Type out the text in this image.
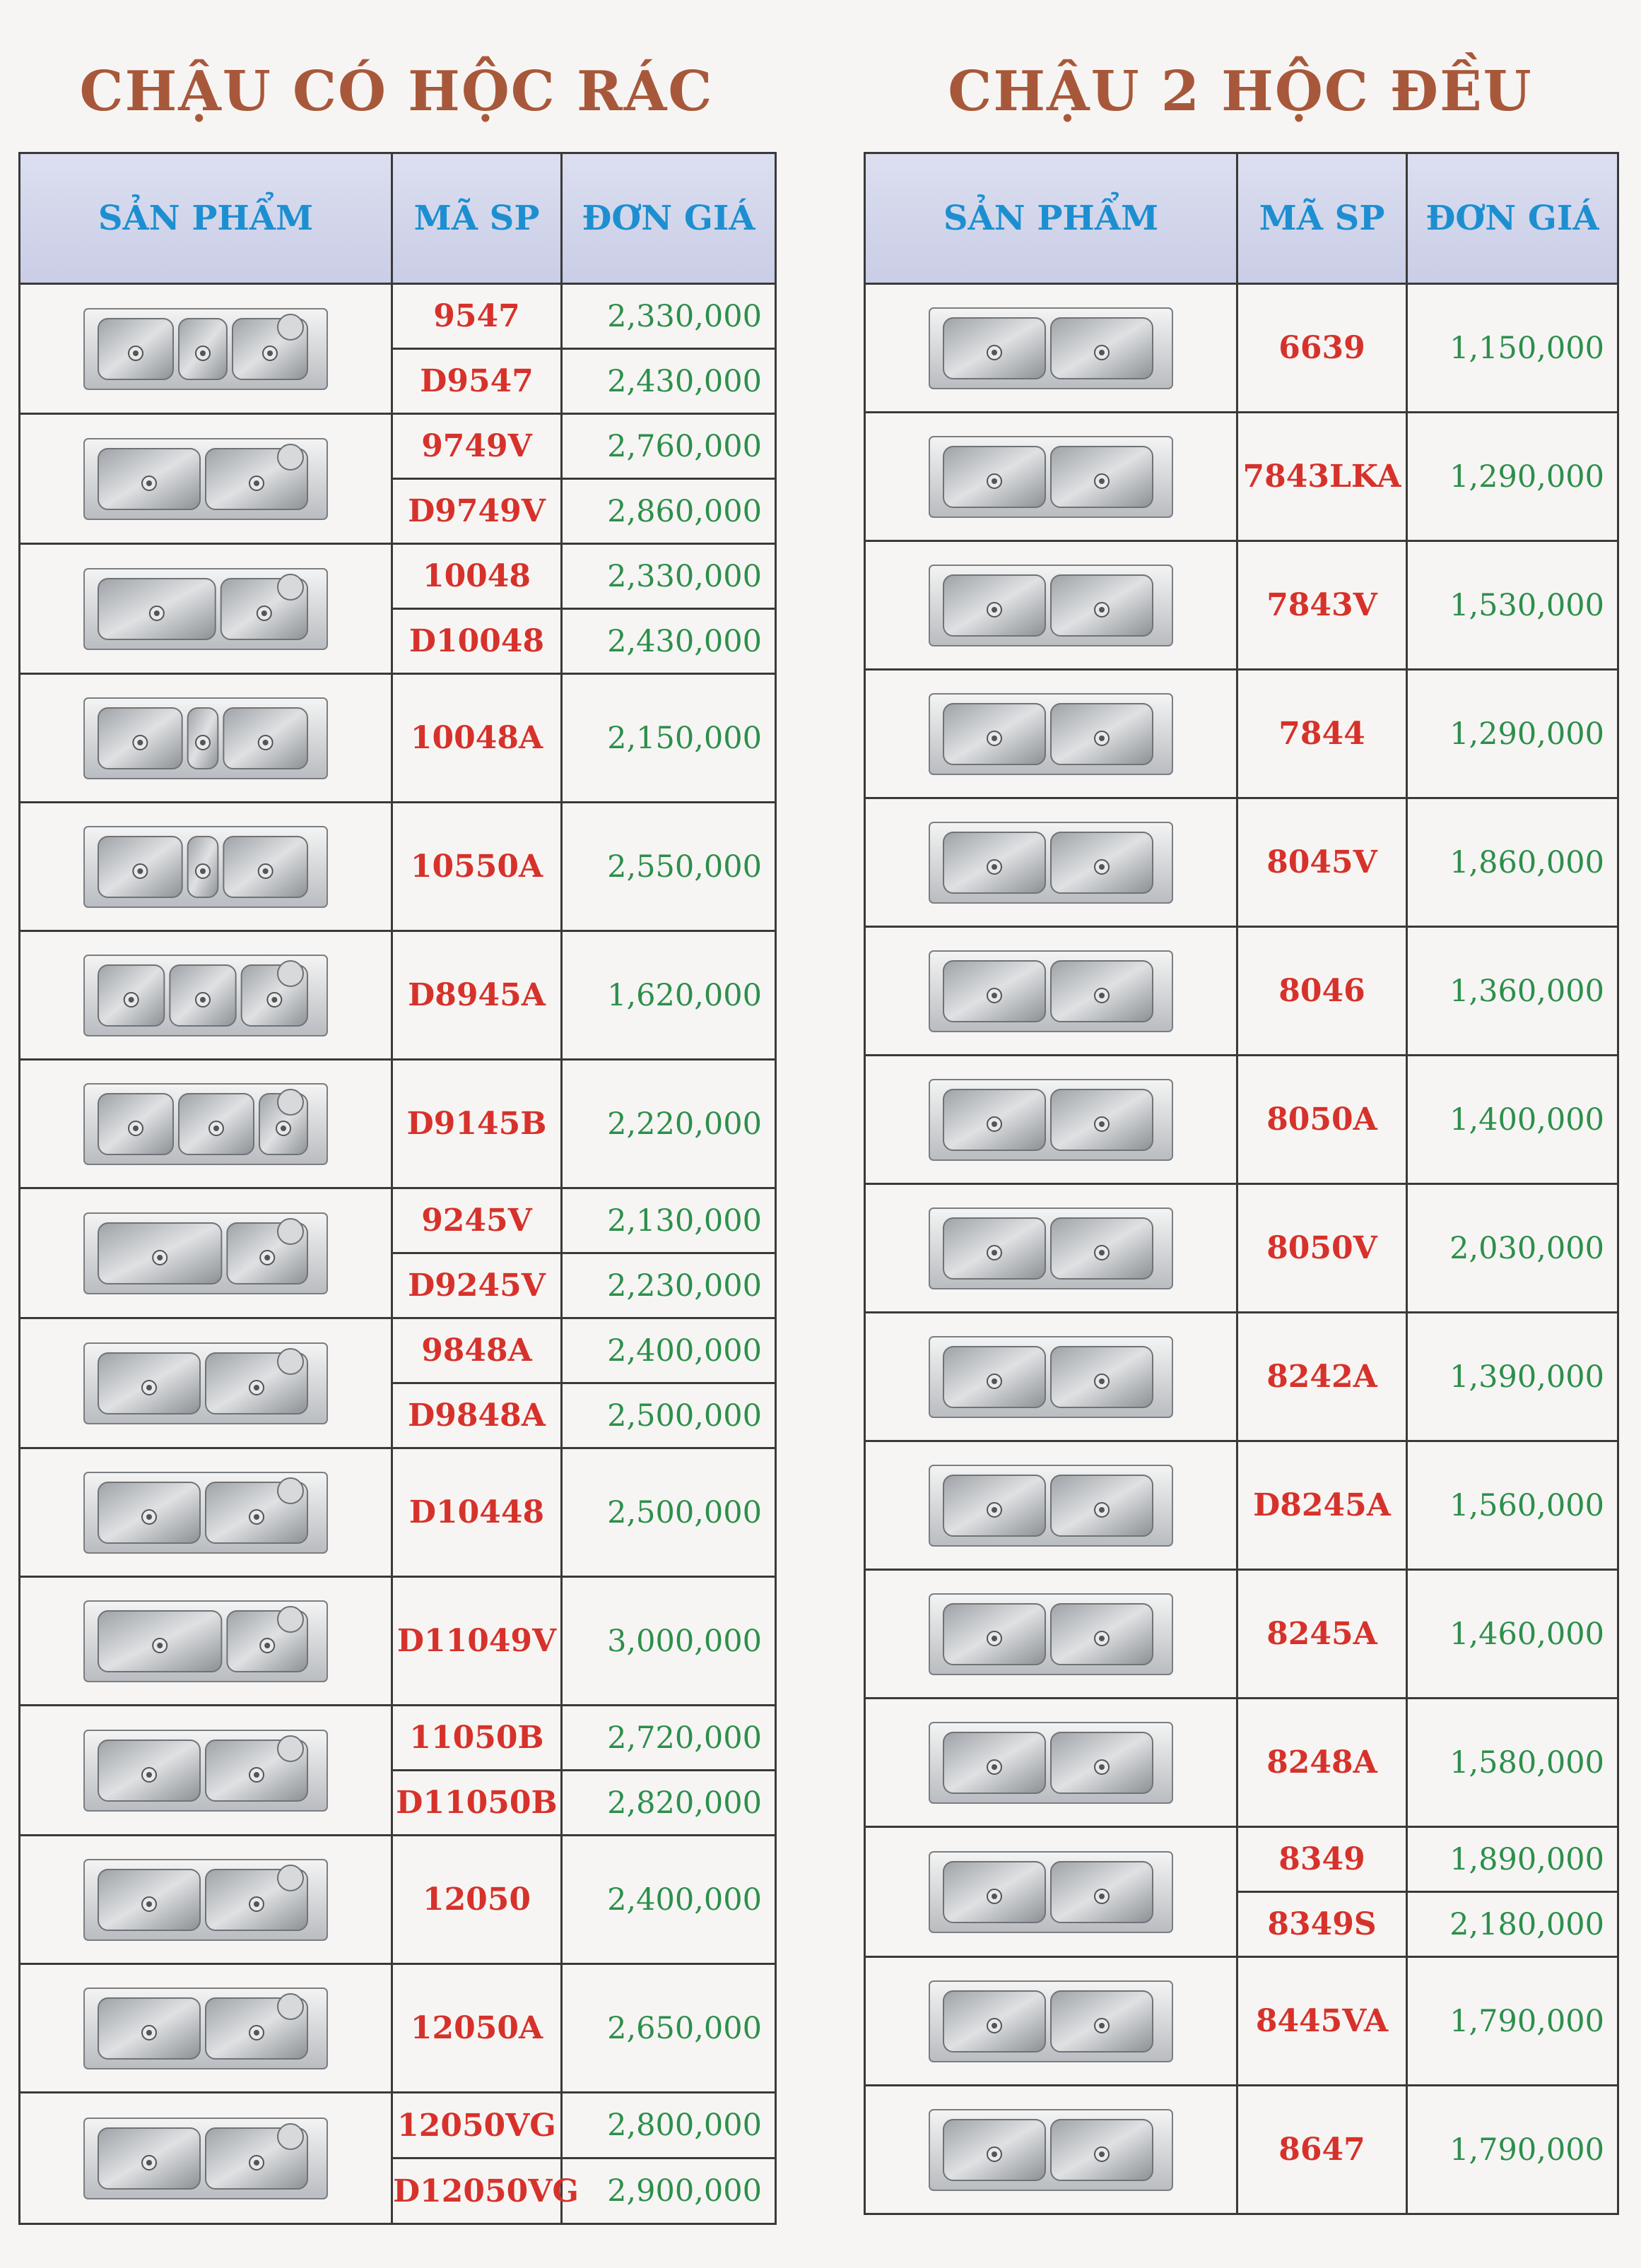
CHẬU CÓ HỘC RÁC	CHẬU 2 HỘC ĐỀU
SẢN PHẨM	MÃ SP	ĐƠN GIÁ

	9547	2,330,000
	D9547	2,430,000

	9749V	2,760,000
	D9749V	2,860,000

	10048	2,330,000
	D10048	2,430,000

	10048A	2,150,000

	10550A	2,550,000

	D8945A	1,620,000

	D9145B	2,220,000

	9245V	2,130,000
	D9245V	2,230,000

	9848A	2,400,000
	D9848A	2,500,000

	D10448	2,500,000

	D11049V	3,000,000

	11050B	2,720,000
	D11050B	2,820,000

	12050	2,400,000

	12050A	2,650,000

	12050VG	2,800,000
	D12050VG	2,900,000
SẢN PHẨM	MÃ SP	ĐƠN GIÁ

	6639	1,150,000

	7843LKA	1,290,000

	7843V	1,530,000

	7844	1,290,000

	8045V	1,860,000

	8046	1,360,000

	8050A	1,400,000

	8050V	2,030,000

	8242A	1,390,000

	D8245A	1,560,000

	8245A	1,460,000

	8248A	1,580,000

	8349	1,890,000
	8349S	2,180,000

	8445VA	1,790,000

	8647	1,790,000
